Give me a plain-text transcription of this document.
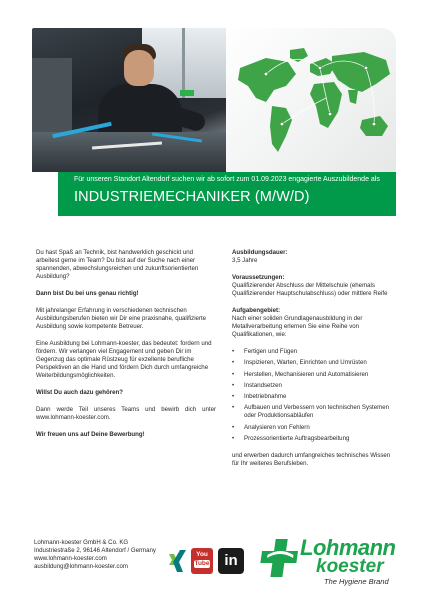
Für unseren Standort Altendorf suchen wir ab sofort zum 01.09.2023 engagierte Auszubildende als
INDUSTRIEMECHANIKER (M/W/D)

Du hast Spaß an Technik, bist handwerklich geschickt und arbeitest gerne im Team? Du bist auf der Suche nach einer spannenden, abwechslungsreichen und zukunftsorientierten Ausbildung?

Dann bist Du bei uns genau richtig!

Mit jahrelanger Erfahrung in verschiedenen technischen Ausbildungsberufen bieten wir Dir eine praxisnahe, qualifizierte Ausbildung sowie kompetente Betreuer.

Eine Ausbildung bei Lohmann-koester, das bedeutet: fordern und fördern. Wir verlangen viel Engagement und geben Dir im Gegenzug das optimale Rüstzeug für exzellente berufliche Perspektiven an die Hand und fördern Dich durch umfangreiche Weiterbildungsmöglichkeiten.

Willst Du auch dazu gehören?

Dann werde Teil unseres Teams und bewirb dich unter www.lohmann-koester.com.

Wir freuen uns auf Deine Bewerbung!

Ausbildungsdauer:

3,5 Jahre

Voraussetzungen:

Qualifizierender Abschluss der Mittelschule (ehemals Qualifizierender Hauptschulabschluss) oder mittlere Reife

Aufgabengebiet:

Nach einer soliden Grundlagenausbildung in der Metallverarbeitung erlernen Sie eine Reihe von Qualifikationen, wie:

• Fertigen und Fügen
• Inspizieren, Warten, Einrichten und Umrüsten
• Herstellen, Mechanisieren und Automatisieren
• Instandsetzen
• Inbetriebnahme
• Aufbauen und Verbessern von technischen Systemen oder Produktionsabläufen
• Analysieren von Fehlern
• Prozessorientierte Auftragsbearbeitung

und erwerben dadurch umfangreiches technisches Wissen für Ihr weiteres Berufsleben.

Lohmann-koester GmbH & Co. KG
Industriestraße 2, 96146 Altendorf / Germany
www.lohmann-koester.com
ausbildung@lohmann-koester.com
You
Tube in
Lohmann
koester
The Hygiene Brand
